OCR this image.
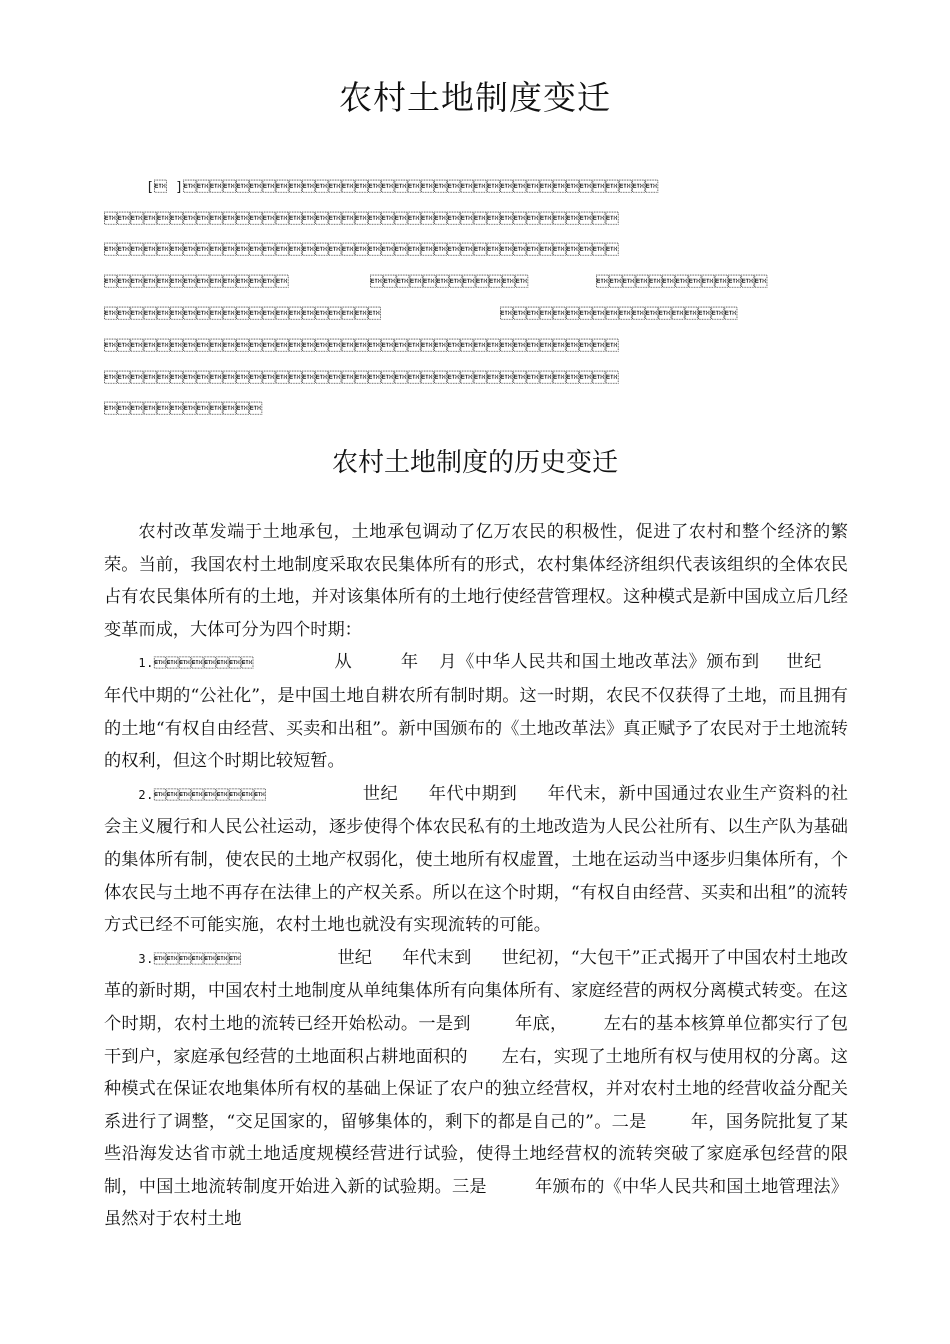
农村土地制度变迁
[ ]


		
	



农村土地制度的历史变迁

农村改革发端于土地承包，土地承包调动了亿万农民的积极性，促进了农村和整个经济的繁荣。当前，我国农村土地制度采取农民集体所有的形式，农村集体经济组织代表该组织的全体农民占有农民集体所有的土地，并对该集体所有的土地行使经营管理权。这种模式是新中国成立后几经变革而成，大体可分为四个时期：

1.	从	年 月《中华人民共和国土地改革法》颁布到 世纪年代中期的“公社化”，是中国土地自耕农所有制时期。这一时期，农民不仅获得了土地，而且拥有的土地“有权自由经营、买卖和出租”。新中国颁布的《土地改革法》真正赋予了农民对于土地流转的权利，但这个时期比较短暂。

2.	世纪 年代中期到 年代末，新中国通过农业生产资料的社会主义履行和人民公社运动，逐步使得个体农民私有的土地改造为人民公社所有、以生产队为基础的集体所有制，使农民的土地产权弱化，使土地所有权虚置，土地在运动当中逐步归集体所有，个体农民与土地不再存在法律上的产权关系。所以在这个时期，“有权自由经营、买卖和出租”的流转方式已经不可能实施，农村土地也就没有实现流转的可能。

3.	世纪 年代末到 世纪初，“大包干”正式揭开了中国农村土地改革的新时期，中国农村土地制度从单纯集体所有向集体所有、家庭经营的两权分离模式转变。在这个时期，农村土地的流转已经开始松动。一是到	年底， 左右的基本核算单位都实行了包干到户，家庭承包经营的土地面积占耕地面积的 左右，实现了土地所有权与使用权的分离。这种模式在保证农地集体所有权的基础上保证了农户的独立经营权，并对农村土地的经营收益分配关系进行了调整，“交足国家的，留够集体的，剩下的都是自己的”。二是	年，国务院批复了某些沿海发达省市就土地适度规模经营进行试验，使得土地经营权的流转突破了家庭承包经营的限制，中国土地流转制度开始进入新的试验期。三是	年颁布的《中华人民共和国土地管理法》虽然对于农村土地
